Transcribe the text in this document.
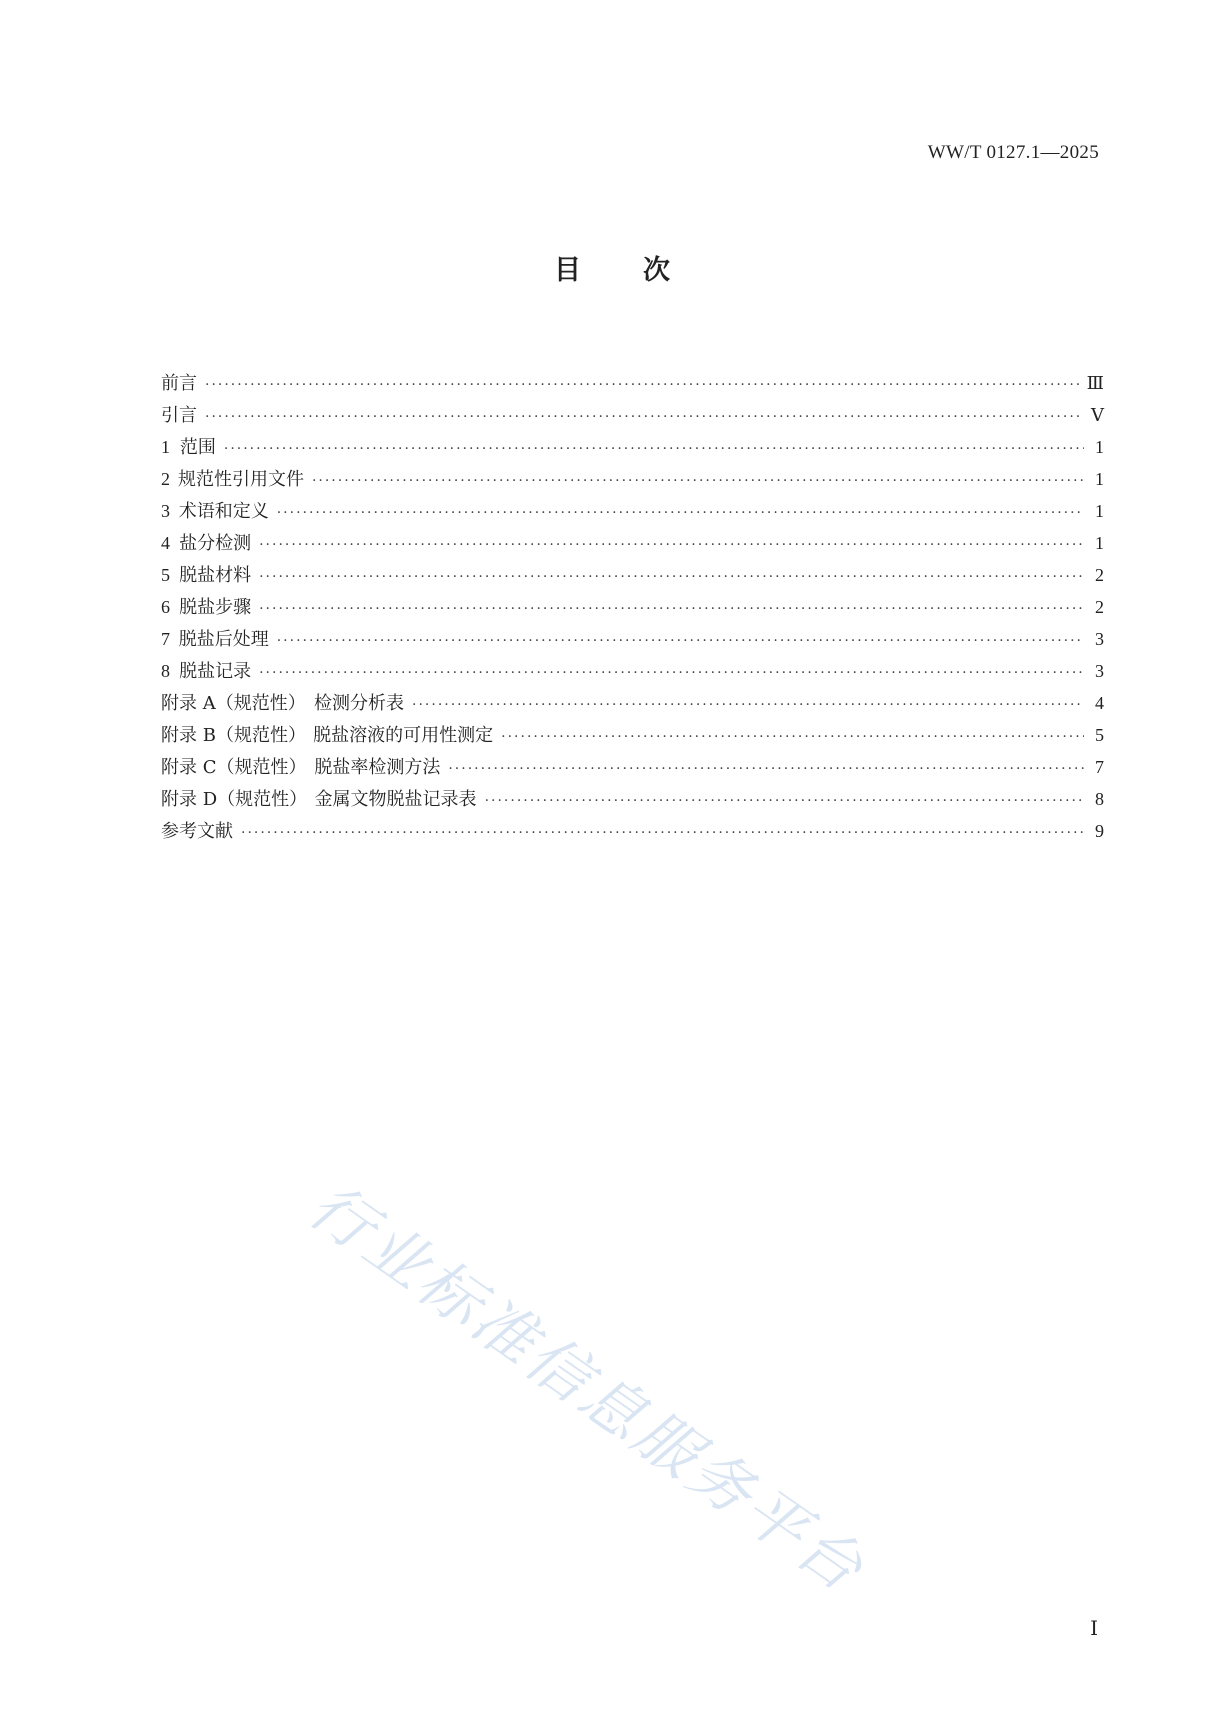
WW/T 0127.1—2025
目次
前言 ·····	Ⅲ
引言 ·····	Ⅴ
1 范围 ·····	1
2 规范性引用文件 ·····	1
3 术语和定义 ·····	1
4 盐分检测 ·····	1
5 脱盐材料 ·····	2
6 脱盐步骤 ·····	2
7 脱盐后处理 ·····	3
8 脱盐记录 ·····	3
附录 A（规范性） 检测分析表 ·····	4
附录 B（规范性） 脱盐溶液的可用性测定 ·····	5
附录 C（规范性） 脱盐率检测方法 ·····	7
附录 D（规范性） 金属文物脱盐记录表 ·····	8
参考文献 ·····	9
行业标准信息服务平台
Ⅰ
